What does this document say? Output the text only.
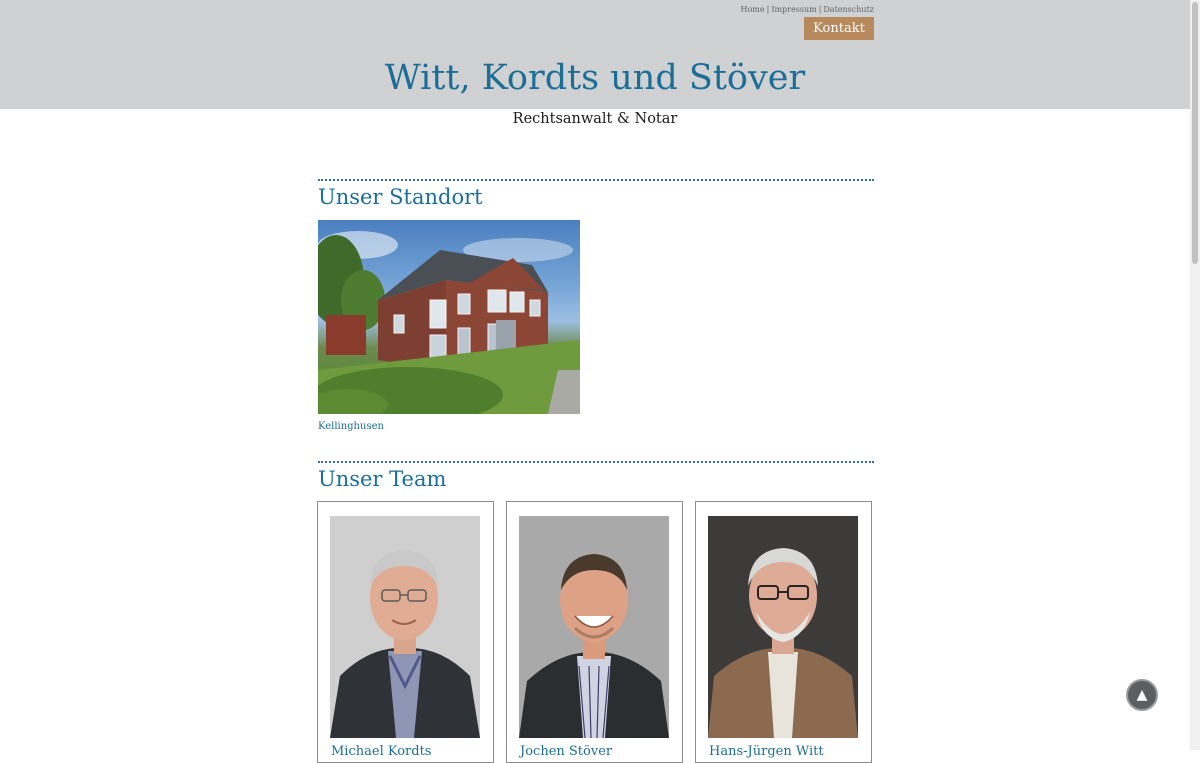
Home | Impressum | Datenschutz
Kontakt
Witt, Kordts und Stöver
Rechtsanwalt & Notar
Unser Standort
Kellinghusen
Unser Team
Michael Kordts	Jochen Stöver	Hans-Jürgen Witt
▲
